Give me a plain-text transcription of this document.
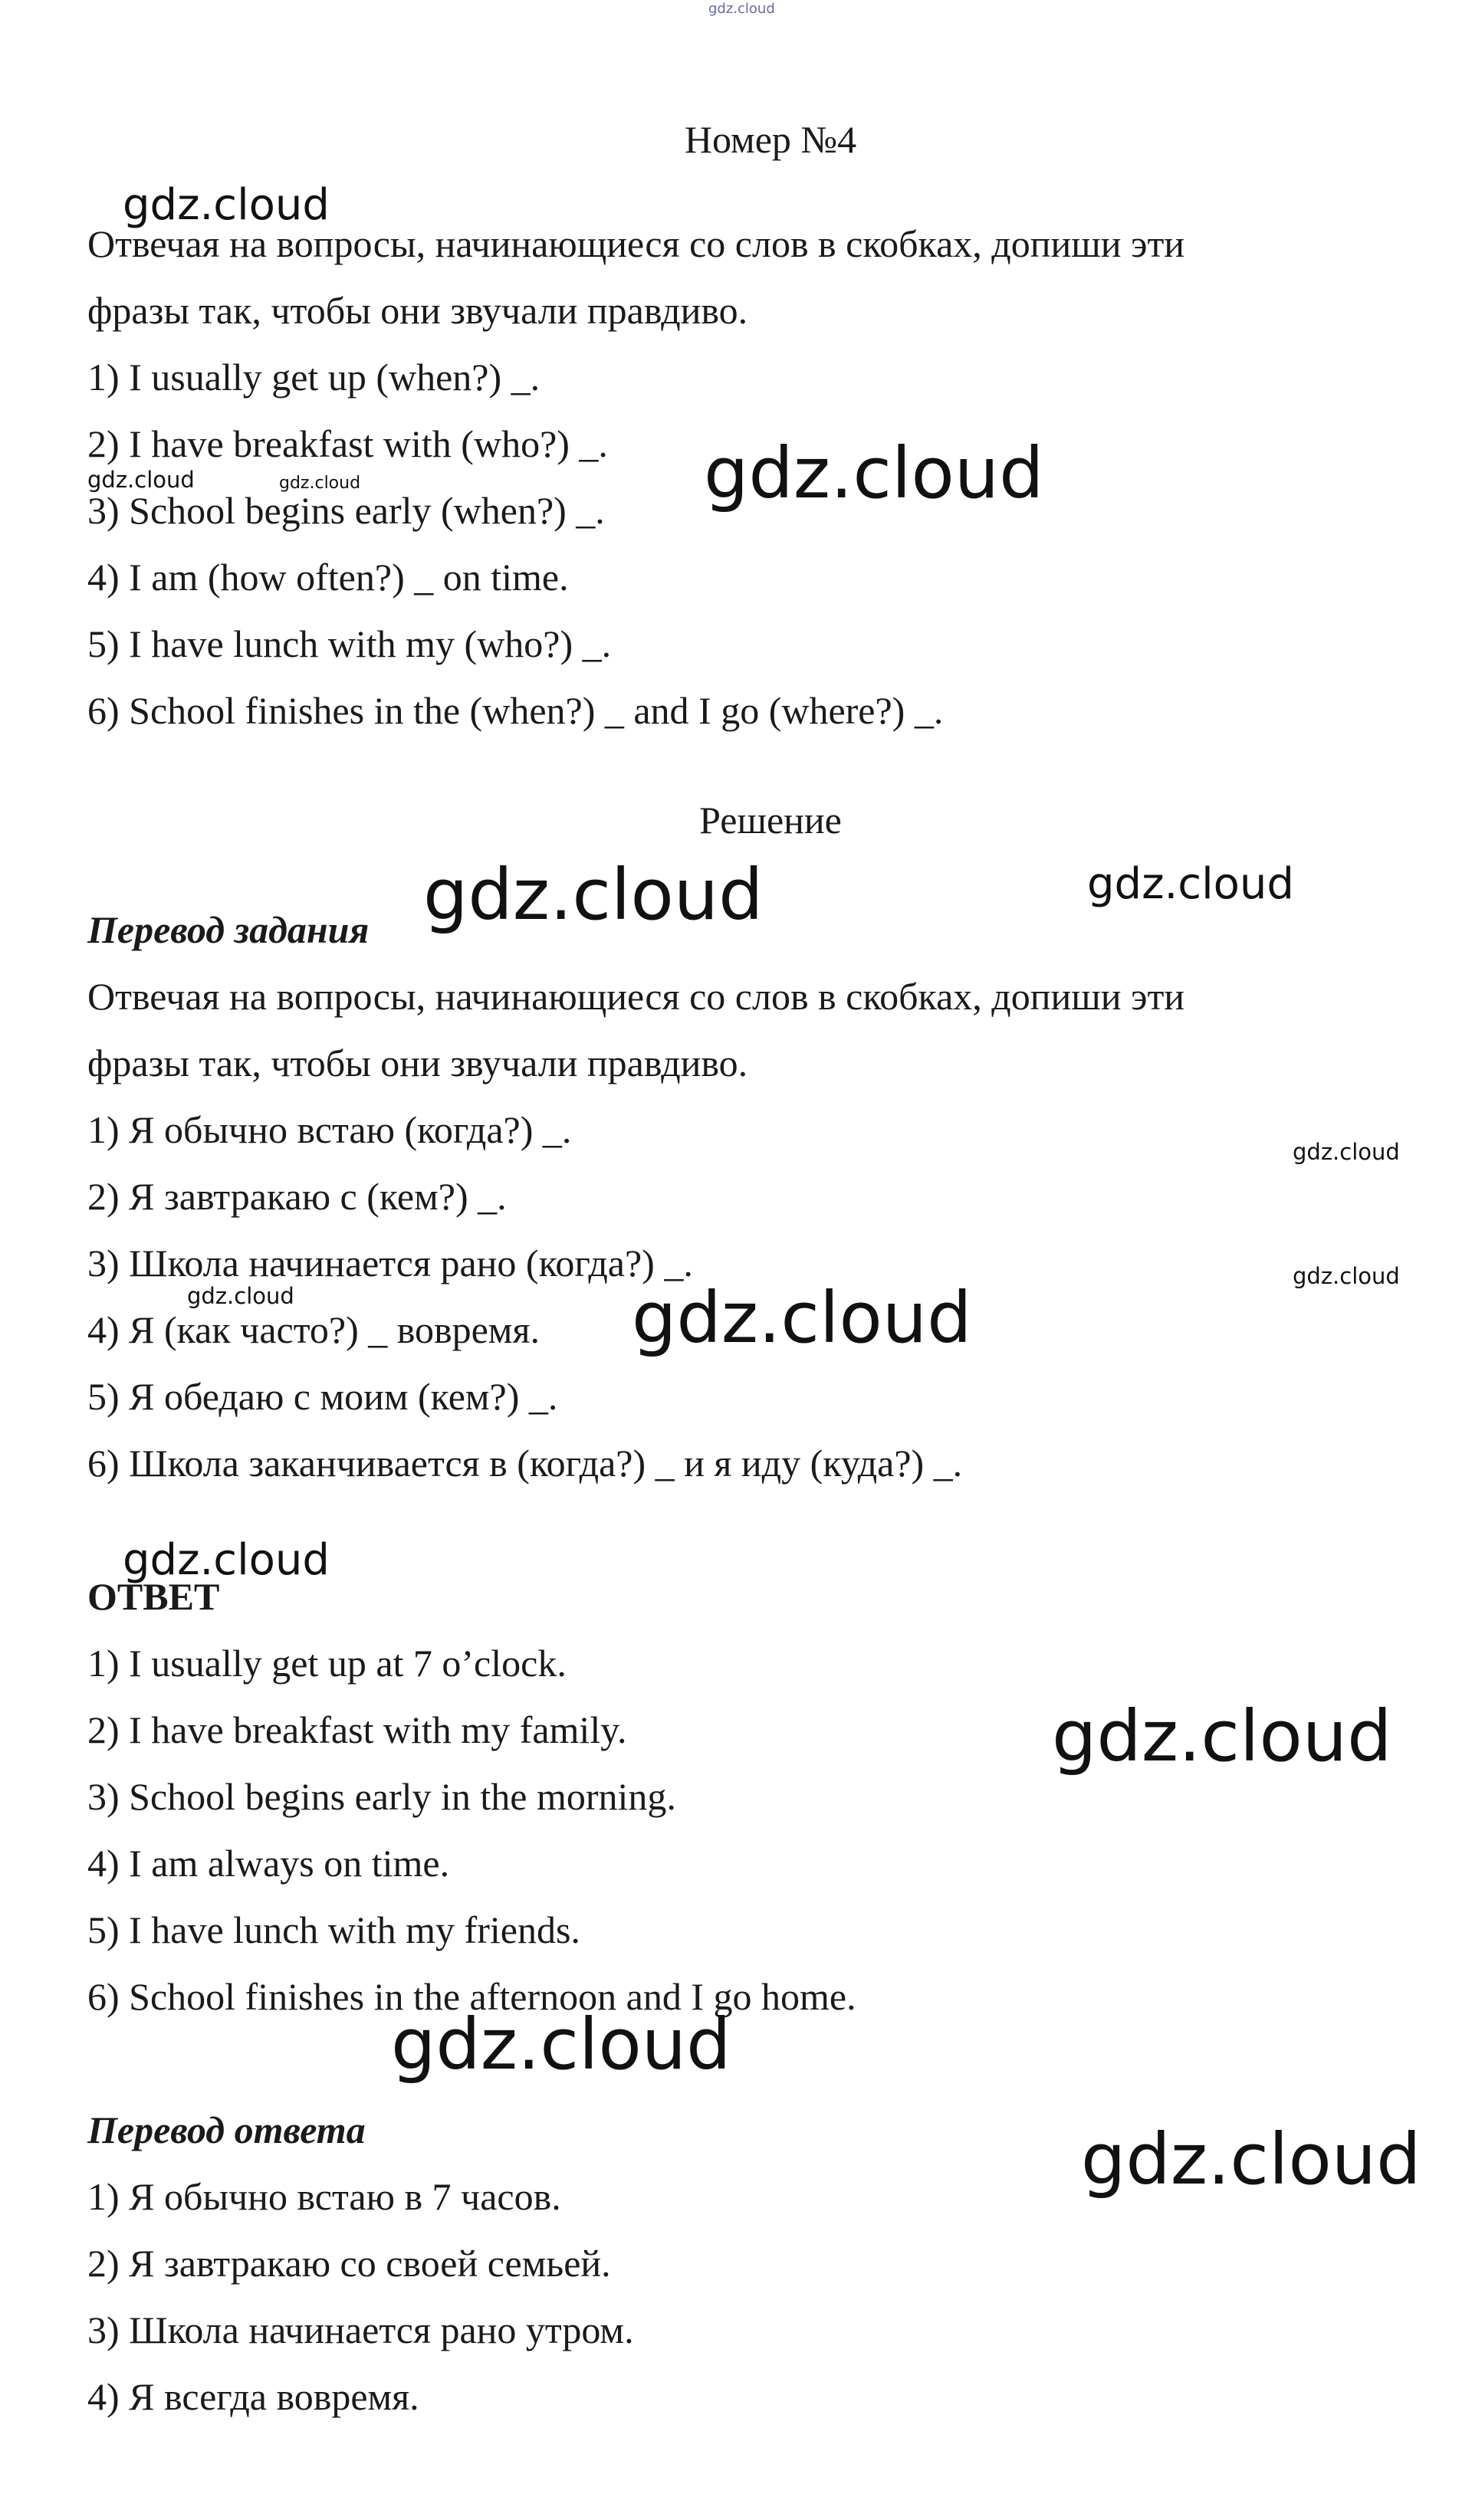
Номер №4
Отвечая на вопросы, начинающиеся со слов в скобках, допиши эти
фразы так, чтобы они звучали правдиво.
1) I usually get up (when?) _.
2) I have breakfast with (who?) _.
3) School begins early (when?) _.
4) I am (how often?) _ on time.
5) I have lunch with my (who?) _.
6) School finishes in the (when?) _ and I go (where?) _.
Решение
Перевод задания
Отвечая на вопросы, начинающиеся со слов в скобках, допиши эти
фразы так, чтобы они звучали правдиво.
1) Я обычно встаю (когда?) _.
2) Я завтракаю с (кем?) _.
3) Школа начинается рано (когда?) _.
4) Я (как часто?) _ вовремя.
5) Я обедаю с моим (кем?) _.
6) Школа заканчивается в (когда?) _ и я иду (куда?) _.
ОТВЕТ
1) I usually get up at 7 o’clock.
2) I have breakfast with my family.
3) School begins early in the morning.
4) I am always on time.
5) I have lunch with my friends.
6) School finishes in the afternoon and I go home.
Перевод ответа
1) Я обычно встаю в 7 часов.
2) Я завтракаю со своей семьей.
3) Школа начинается рано утром.
4) Я всегда вовремя.
gdz.cloud
gdz.cloud
gdz.cloud
gdz.cloud	gdz.cloud
gdz.cloud	gdz.cloud
gdz.cloud
gdz.cloud
gdz.cloud	gdz.cloud
gdz.cloud
gdz.cloud
gdz.cloud
gdz.cloud
